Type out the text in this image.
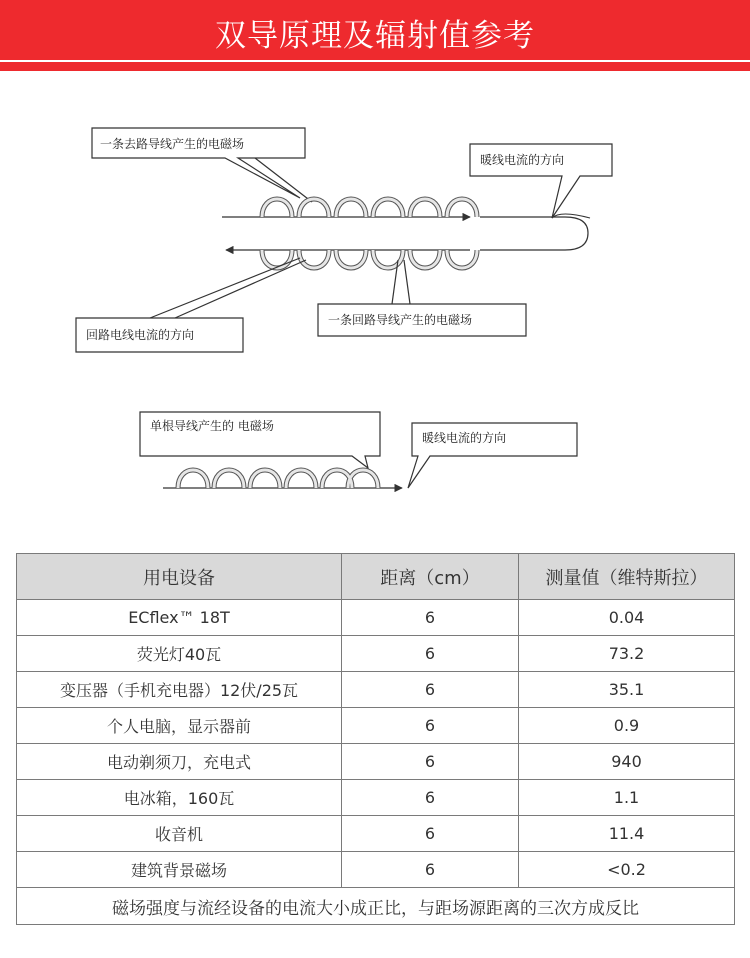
双导原理及辐射值参考
一条去路导线产生的电磁场
暖线电流的方向
回路电线电流的方向
一条回路导线产生的电磁场
单根导线产生的 电磁场
暖线电流的方向
用电设备	距离（cm）	测量值（维特斯拉）
ECflex™ 18T	6	0.04
荧光灯40瓦	6	73.2
变压器（手机充电器）12伏/25瓦	6	35.1
个人电脑，显示器前	6	0.9
电动剃须刀，充电式	6	940
电冰箱，160瓦	6	1.1
收音机	6	11.4
建筑背景磁场	6	<0.2
磁场强度与流经设备的电流大小成正比，与距场源距离的三次方成反比		
